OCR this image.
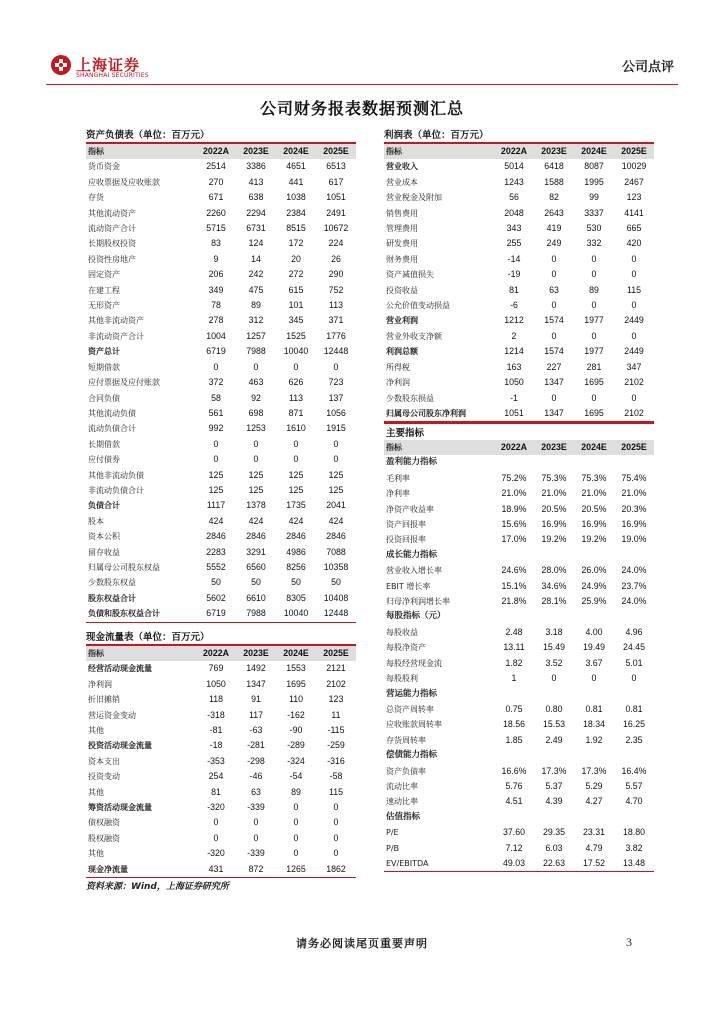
上海证券
SHANGHAI SECURITIES
公司点评
公司财务报表数据预测汇总
资产负债表（单位：百万元）
指标	2022A	2023E	2024E	2025E
货币资金	2514	3386	4651	6513
应收票据及应收账款	270	413	441	617
存货	671	638	1038	1051
其他流动资产	2260	2294	2384	2491
流动资产合计	5715	6731	8515	10672
长期股权投资	83	124	172	224
投资性房地产	9	14	20	26
固定资产	206	242	272	290
在建工程	349	475	615	752
无形资产	78	89	101	113
其他非流动资产	278	312	345	371
非流动资产合计	1004	1257	1525	1776
资产总计	6719	7988	10040	12448
短期借款	0	0	0	0
应付票据及应付账款	372	463	626	723
合同负债	58	92	113	137
其他流动负债	561	698	871	1056
流动负债合计	992	1253	1610	1915
长期借款	0	0	0	0
应付债券	0	0	0	0
其他非流动负债	125	125	125	125
非流动负债合计	125	125	125	125
负债合计	1117	1378	1735	2041
股本	424	424	424	424
资本公积	2846	2846	2846	2846
留存收益	2283	3291	4986	7088
归属母公司股东权益	5552	6560	8256	10358
少数股东权益	50	50	50	50
股东权益合计	5602	6610	8305	10408
负债和股东权益合计	6719	7988	10040	12448
现金流量表（单位：百万元）
指标	2022A	2023E	2024E	2025E
经营活动现金流量	769	1492	1553	2121
净利润	1050	1347	1695	2102
折旧摊销	118	91	110	123
营运资金变动	-318	117	-162	11
其他	-81	-63	-90	-115
投资活动现金流量	-18	-281	-289	-259
资本支出	-353	-298	-324	-316
投资变动	254	-46	-54	-58
其他	81	63	89	115
筹资活动现金流量	-320	-339	0	0
债权融资	0	0	0	0
股权融资	0	0	0	0
其他	-320	-339	0	0
现金净流量	431	872	1265	1862
利润表（单位：百万元）
指标	2022A	2023E	2024E	2025E
营业收入	5014	6418	8087	10029
营业成本	1243	1588	1995	2467
营业税金及附加	56	82	99	123
销售费用	2048	2643	3337	4141
管理费用	343	419	530	665
研发费用	255	249	332	420
财务费用	-14	0	0	0
资产减值损失	-19	0	0	0
投资收益	81	63	89	115
公允价值变动损益	-6	0	0	0
营业利润	1212	1574	1977	2449
营业外收支净额	2	0	0	0
利润总额	1214	1574	1977	2449
所得税	163	227	281	347
净利润	1050	1347	1695	2102
少数股东损益	-1	0	0	0
归属母公司股东净利润	1051	1347	1695	2102
主要指标
指标	2022A	2023E	2024E	2025E
盈利能力指标				
毛利率	75.2%	75.3%	75.3%	75.4%
净利率	21.0%	21.0%	21.0%	21.0%
净资产收益率	18.9%	20.5%	20.5%	20.3%
资产回报率	15.6%	16.9%	16.9%	16.9%
投资回报率	17.0%	19.2%	19.2%	19.0%
成长能力指标				
营业收入增长率	24.6%	28.0%	26.0%	24.0%
EBIT 增长率	15.1%	34.6%	24.9%	23.7%
归母净利润增长率	21.8%	28.1%	25.9%	24.0%
每股指标（元）				
每股收益	2.48	3.18	4.00	4.96
每股净资产	13.11	15.49	19.49	24.45
每股经营现金流	1.82	3.52	3.67	5.01
每股股利	1	0	0	0
营运能力指标				
总资产周转率	0.75	0.80	0.81	0.81
应收账款周转率	18.56	15.53	18.34	16.25
存货周转率	1.85	2.49	1.92	2.35
偿债能力指标				
资产负债率	16.6%	17.3%	17.3%	16.4%
流动比率	5.76	5.37	5.29	5.57
速动比率	4.51	4.39	4.27	4.70
估值指标				
P/E	37.60	29.35	23.31	18.80
P/B	7.12	6.03	4.79	3.82
EV/EBITDA	49.03	22.63	17.52	13.48
资料来源：Wind，上海证券研究所
请务必阅读尾页重要声明	3
